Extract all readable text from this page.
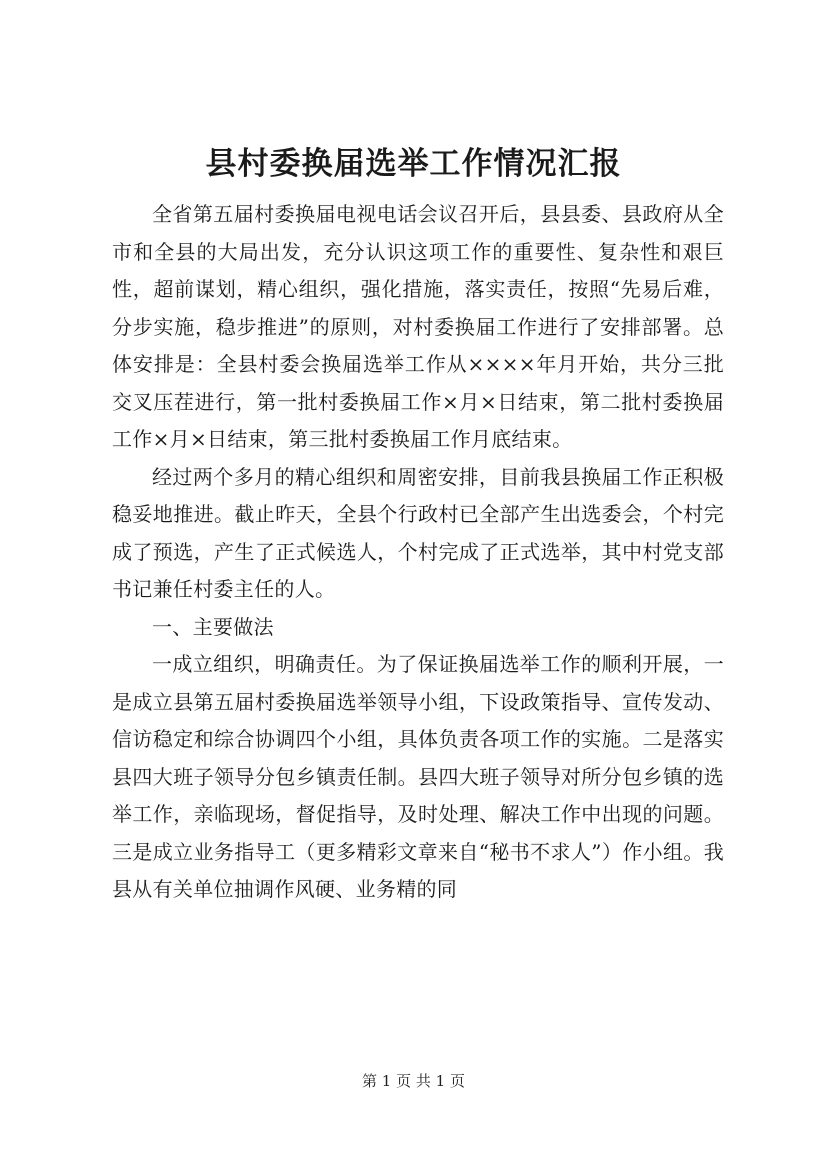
县村委换届选举工作情况汇报

全省第五届村委换届电视电话会议召开后，县县委、县政府从全市和全县的大局出发，充分认识这项工作的重要性、复杂性和艰巨性，超前谋划，精心组织，强化措施，落实责任，按照“先易后难，分步实施，稳步推进”的原则，对村委换届工作进行了安排部署。总体安排是：全县村委会换届选举工作从××××年月开始，共分三批交叉压茬进行，第一批村委换届工作×月×日结束，第二批村委换届工作×月×日结束，第三批村委换届工作月底结束。

经过两个多月的精心组织和周密安排，目前我县换届工作正积极稳妥地推进。截止昨天，全县个行政村已全部产生出选委会，个村完成了预选，产生了正式候选人，个村完成了正式选举，其中村党支部书记兼任村委主任的人。

一、主要做法

一成立组织，明确责任。为了保证换届选举工作的顺利开展，一是成立县第五届村委换届选举领导小组，下设政策指导、宣传发动、信访稳定和综合协调四个小组，具体负责各项工作的实施。二是落实县四大班子领导分包乡镇责任制。县四大班子领导对所分包乡镇的选举工作，亲临现场，督促指导，及时处理、解决工作中出现的问题。三是成立业务指导工（更多精彩文章来自“秘书不求人”）作小组。我县从有关单位抽调作风硬、业务精的同

第 1 页 共 1 页
